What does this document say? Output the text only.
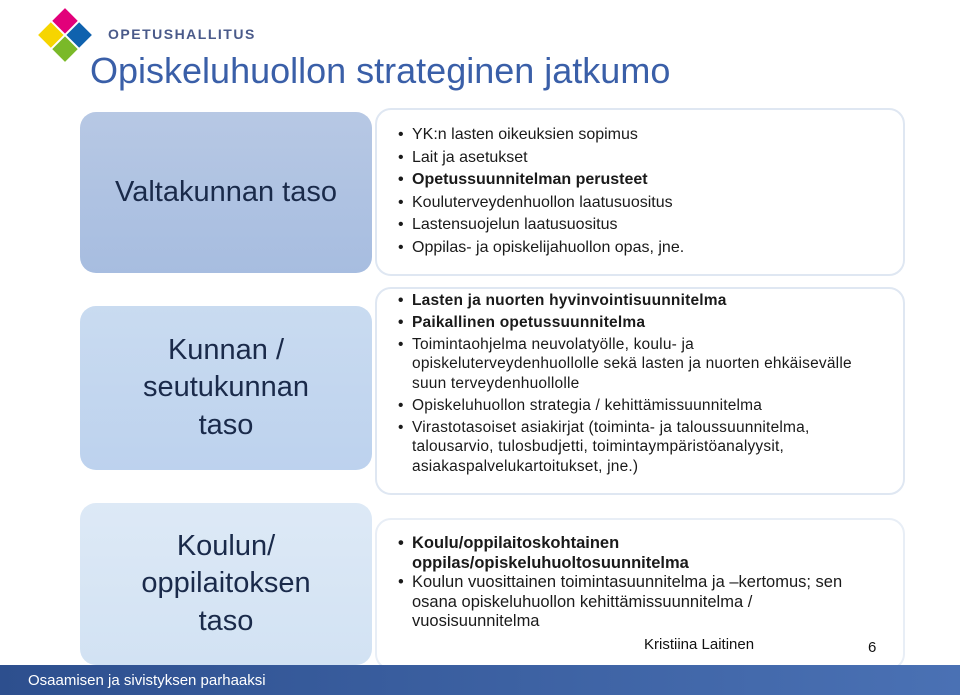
OPETUSHALLITUS
Opiskeluhuollon strateginen jatkumo
Valtakunnan taso
• YK:n lasten oikeuksien sopimus
• Lait ja asetukset
• Opetussuunnitelman perusteet
• Kouluterveydenhuollon laatusuositus
• Lastensuojelun laatusuositus
• Oppilas- ja opiskelijahuollon opas, jne.
Kunnan /
seutukunnan
taso
• Lasten ja nuorten hyvinvointisuunnitelma
• Paikallinen opetussuunnitelma
• Toimintaohjelma neuvolatyölle, koulu- ja opiskeluterveydenhuollolle sekä lasten ja nuorten ehkäisevälle suun terveydenhuollolle
• Opiskeluhuollon strategia / kehittämissuunnitelma
• Virastotasoiset asiakirjat (toiminta- ja taloussuunnitelma, talousarvio, tulosbudjetti, toimintaympäristöanalyysit, asiakaspalvelukartoitukset, jne.)
Koulun/
oppilaitoksen
taso
• Koulu/oppilaitoskohtainen oppilas/opiskeluhuoltosuunnitelma
• Koulun vuosittainen toimintasuunnitelma ja –kertomus; sen osana opiskeluhuollon kehittämissuunnitelma / vuosisuunnitelma
Kristiina Laitinen	6
Osaamisen ja sivistyksen parhaaksi
